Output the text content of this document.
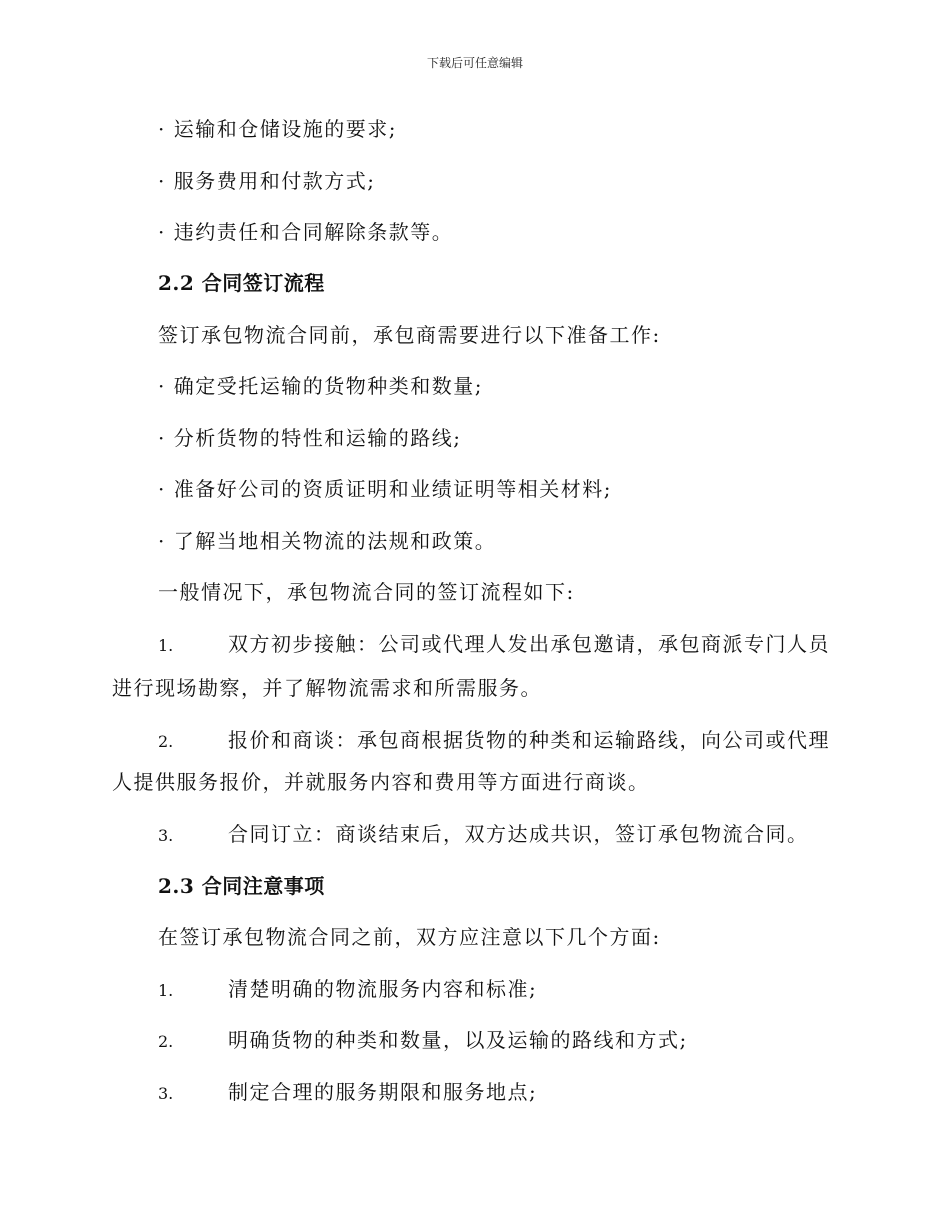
下载后可任意编辑
· 运输和仓储设施的要求;
· 服务费用和付款方式;
· 违约责任和合同解除条款等。
2.2 合同签订流程
签订承包物流合同前，承包商需要进行以下准备工作:
· 确定受托运输的货物种类和数量;
· 分析货物的特性和运输的路线;
· 准备好公司的资质证明和业绩证明等相关材料;
· 了解当地相关物流的法规和政策。
一般情况下，承包物流合同的签订流程如下:
1.	双方初步接触：公司或代理人发出承包邀请，承包商派专门人员
进行现场勘察，并了解物流需求和所需服务。
2.	报价和商谈：承包商根据货物的种类和运输路线，向公司或代理
人提供服务报价，并就服务内容和费用等方面进行商谈。
3.	合同订立：商谈结束后，双方达成共识，签订承包物流合同。
2.3 合同注意事项
在签订承包物流合同之前，双方应注意以下几个方面:
1.	清楚明确的物流服务内容和标准;
2.	明确货物的种类和数量，以及运输的路线和方式;
3.	制定合理的服务期限和服务地点;
